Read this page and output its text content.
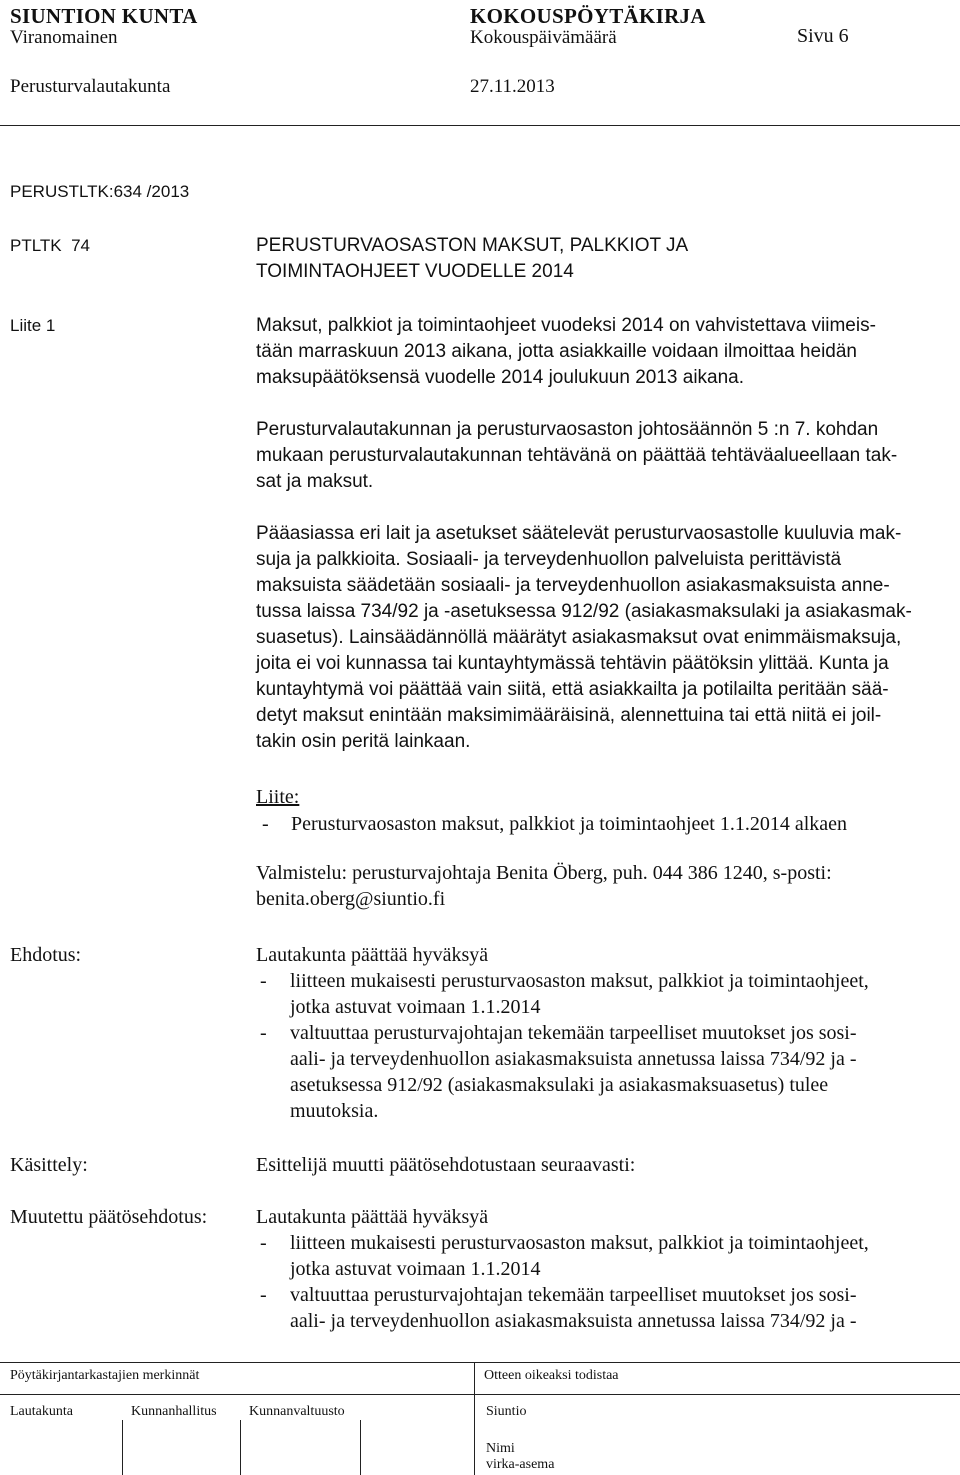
SIUNTION KUNTA	KOKOUSPÖYTÄKIRJA
Viranomainen	Kokouspäivämäärä	Sivu 6
Perusturvalautakunta	27.11.2013
PERUSTLTK:634 /2013
PTLTK  74	PERUSTURVAOSASTON MAKSUT, PALKKIOT JA
TOIMINTAOHJEET VUODELLE 2014
Liite 1	Maksut, palkkiot ja toimintaohjeet vuodeksi 2014 on vahvistettava viimeis-
tään marraskuun 2013 aikana, jotta asiakkaille voidaan ilmoittaa heidän
maksupäätöksensä vuodelle 2014 joulukuun 2013 aikana.
Perusturvalautakunnan ja perusturvaosaston johtosäännön 5 :n 7. kohdan
mukaan perusturvalautakunnan tehtävänä on päättää tehtäväalueellaan tak-
sat ja maksut.
Pääasiassa eri lait ja asetukset säätelevät perusturvaosastolle kuuluvia mak-
suja ja palkkioita. Sosiaali- ja terveydenhuollon palveluista perittävistä
maksuista säädetään sosiaali- ja terveydenhuollon asiakasmaksuista anne-
tussa laissa 734/92 ja -asetuksessa 912/92 (asiakasmaksulaki ja asiakasmak-
suasetus). Lainsäädännöllä määrätyt asiakasmaksut ovat enimmäismaksuja,
joita ei voi kunnassa tai kuntayhtymässä tehtävin päätöksin ylittää. Kunta ja
kuntayhtymä voi päättää vain siitä, että asiakkailta ja potilailta peritään sää-
detyt maksut enintään maksimimääräisinä, alennettuina tai että niitä ei joil-
takin osin peritä lainkaan.
Liite:
- Perusturvaosaston maksut, palkkiot ja toimintaohjeet 1.1.2014 alkaen
Valmistelu: perusturvajohtaja Benita Öberg, puh. 044 386 1240, s-posti:
benita.oberg@siuntio.fi
Ehdotus:	Lautakunta päättää hyväksyä
- liitteen mukaisesti perusturvaosaston maksut, palkkiot ja toimintaohjeet,
jotka astuvat voimaan 1.1.2014
- valtuuttaa perusturvajohtajan tekemään tarpeelliset muutokset jos sosi-
aali- ja terveydenhuollon asiakasmaksuista annetussa laissa 734/92 ja -
asetuksessa 912/92 (asiakasmaksulaki ja asiakasmaksuasetus) tulee
muutoksia.
Käsittely:	Esittelijä muutti päätösehdotustaan seuraavasti:
Muutettu päätösehdotus: Lautakunta päättää hyväksyä
- liitteen mukaisesti perusturvaosaston maksut, palkkiot ja toimintaohjeet,
jotka astuvat voimaan 1.1.2014
- valtuuttaa perusturvajohtajan tekemään tarpeelliset muutokset jos sosi-
aali- ja terveydenhuollon asiakasmaksuista annetussa laissa 734/92 ja -
Pöytäkirjantarkastajien merkinnät	Otteen oikeaksi todistaa
Lautakunta	Kunnanhallitus Kunnanvaltuusto	Siuntio
Nimi
virka-asema
